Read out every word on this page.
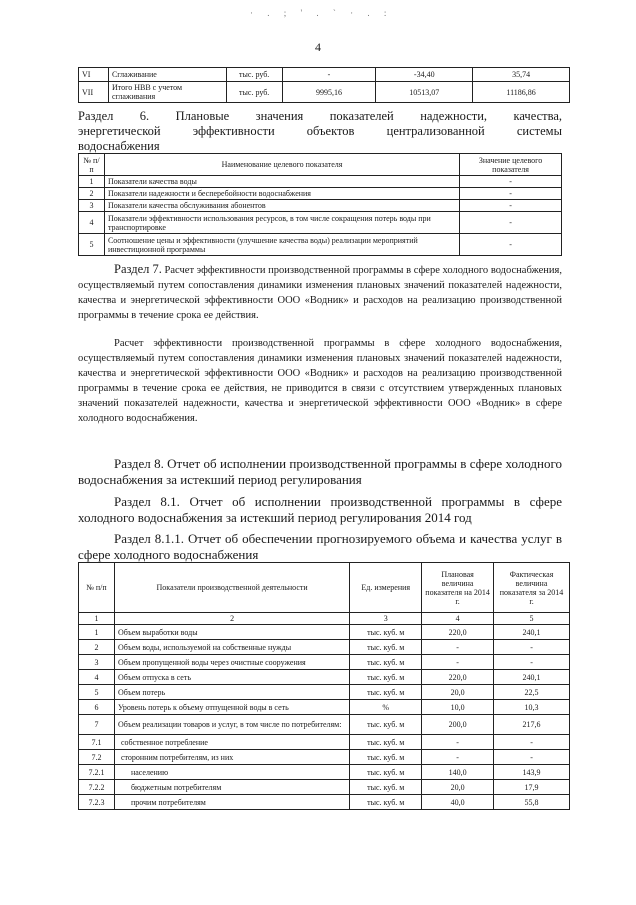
· . ; ' . ` · . :
4
VI	Сглаживание	тыс. руб.	-	-34,40	35,74
VII	Итого НВВ с учетом сглаживания	тыс. руб.	9995,16	10513,07	11186,86
Раздел 6. Плановые значения показателей надежности, качества,
энергетической эффективности объектов централизованной системы
водоснабжения
№ п/п	Наименование целевого показателя	Значение целевого показателя
1	Показатели качества воды	-
2	Показатели надежности и бесперебойности водоснабжения	-
3	Показатели качества обслуживания абонентов	-
4	Показатели эффективности использования ресурсов, в том числе сокращения потерь воды при транспортировке	-
5	Соотношение цены и эффективности (улучшение качества воды) реализации мероприятий инвестиционной программы	-
Раздел 7. Расчет эффективности производственной программы в сфере холодного водоснабжения, осуществляемый путем сопоставления динамики изменения плановых значений показателей надежности, качества и энергетической эффективности ООО «Водник» и расходов на реализацию производственной программы в течение срока ее действия.
Расчет эффективности производственной программы в сфере холодного водоснабжения, осуществляемый путем сопоставления динамики изменения плановых значений показателей надежности, качества и энергетической эффективности ООО «Водник» и расходов на реализацию производственной программы в течение срока ее действия, не приводится в связи с отсутствием утвержденных плановых значений показателей надежности, качества и энергетической эффективности ООО «Водник» в сфере холодного водоснабжения.
Раздел 8. Отчет об исполнении производственной программы в сфере холодного водоснабжения за истекший период регулирования
Раздел 8.1. Отчет об исполнении производственной программы в сфере холодного водоснабжения за истекший период регулирования 2014 год
Раздел 8.1.1. Отчет об обеспечении прогнозируемого объема и качества услуг в сфере холодного водоснабжения
№ п/п	Показатели производственной деятельности	Ед. измерения	Плановая величина показателя на 2014 г.	Фактическая величина показателя за 2014 г.
1	2	3	4	5
1	Объем выработки воды	тыс. куб. м	220,0	240,1
2	Объем воды, используемой на собственные нужды	тыс. куб. м	-	-
3	Объем пропущенной воды через очистные сооружения	тыс. куб. м	-	-
4	Объем отпуска в сеть	тыс. куб. м	220,0	240,1
5	Объем потерь	тыс. куб. м	20,0	22,5
6	Уровень потерь к объему отпущенной воды в сеть	%	10,0	10,3
7	Объем реализации товаров и услуг, в том числе по потребителям:	тыс. куб. м	200,0	217,6
7.1	собственное потребление	тыс. куб. м	-	-
7.2	сторонним потребителям, из них	тыс. куб. м	-	-
7.2.1	населению	тыс. куб. м	140,0	143,9
7.2.2	бюджетным потребителям	тыс. куб. м	20,0	17,9
7.2.3	прочим потребителям	тыс. куб. м	40,0	55,8
